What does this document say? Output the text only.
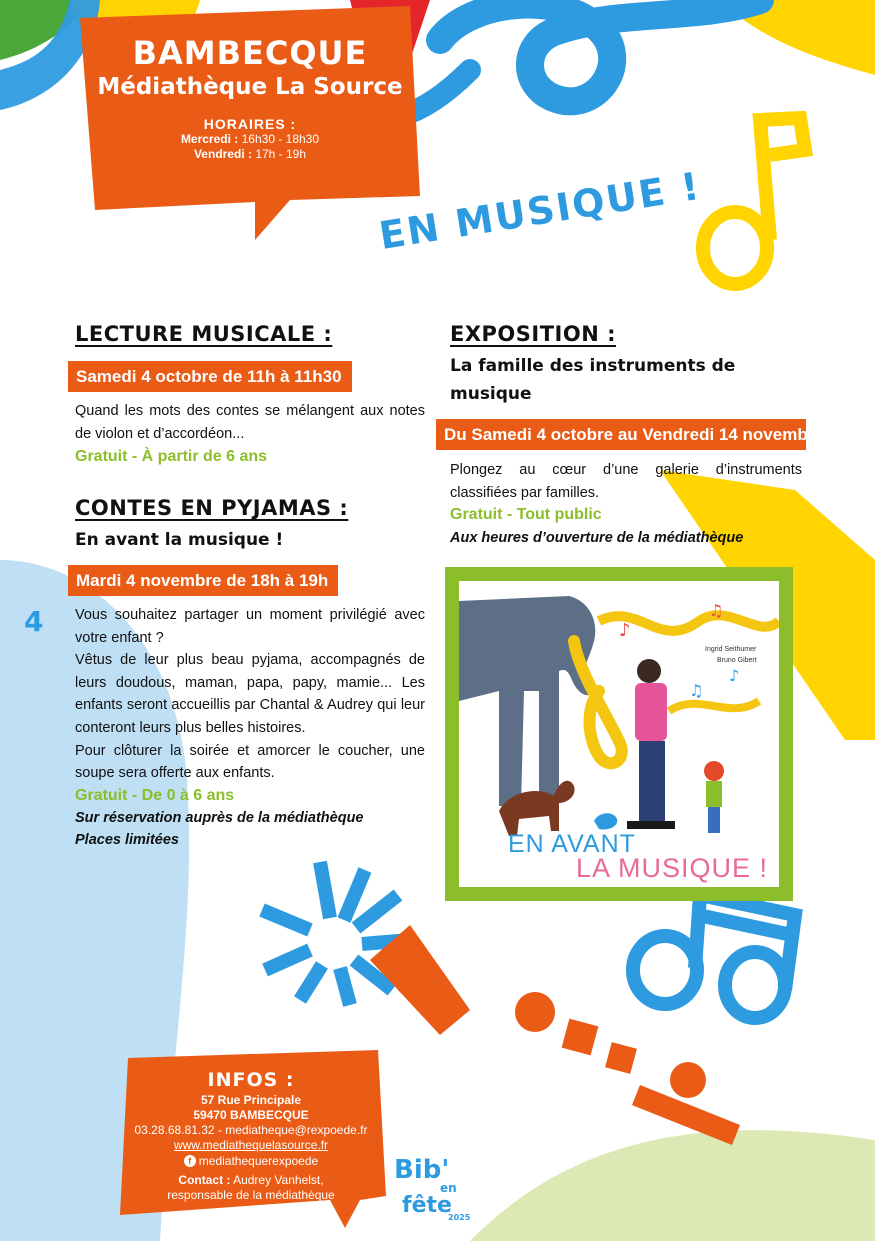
BAMBECQUE
Médiathèque La Source
HORAIRES :
Mercredi : 16h30 - 18h30
Vendredi : 17h - 19h
EN MUSIQUE !
LECTURE MUSICALE :
Samedi 4 octobre de 11h à 11h30
Quand les mots des contes se mélangent aux notes de violon et d’accordéon...
Gratuit - À partir de 6 ans
CONTES EN PYJAMAS :
En avant la musique !
Mardi 4 novembre de 18h à 19h
Vous souhaitez partager un moment privilégié avec votre enfant ?
Vêtus de leur plus beau pyjama, accompagnés de leurs doudous, maman, papa, papy, mamie... Les enfants seront accueillis par Chantal & Audrey qui leur conteront leurs plus belles histoires.
Pour clôturer la soirée et amorcer le coucher, une soupe sera offerte aux enfants.
Gratuit - De 0 à 6 ans
Sur réservation auprès de la médiathèque
Places limitées
4
EXPOSITION :
La famille des instruments de musique
Du Samedi 4 octobre au Vendredi 14 novembre
Plongez au cœur d’une galerie d’instruments classifiées par familles.
Gratuit - Tout public
Aux heures d’ouverture de la médiathèque
♪
♫
♪
♫
Ingrid Seithumer
Bruno Gibert
EN AVANT
LA MUSIQUE !
INFOS :
57 Rue Principale
59470 BAMBECQUE
03.28.68.81.32 - mediatheque@rexpoede.fr
www.mediathequelasource.fr
f mediathequerexpoede
Contact : Audrey Vanhelst,
responsable de la médiathèque
Bib'
en
fête
2025
